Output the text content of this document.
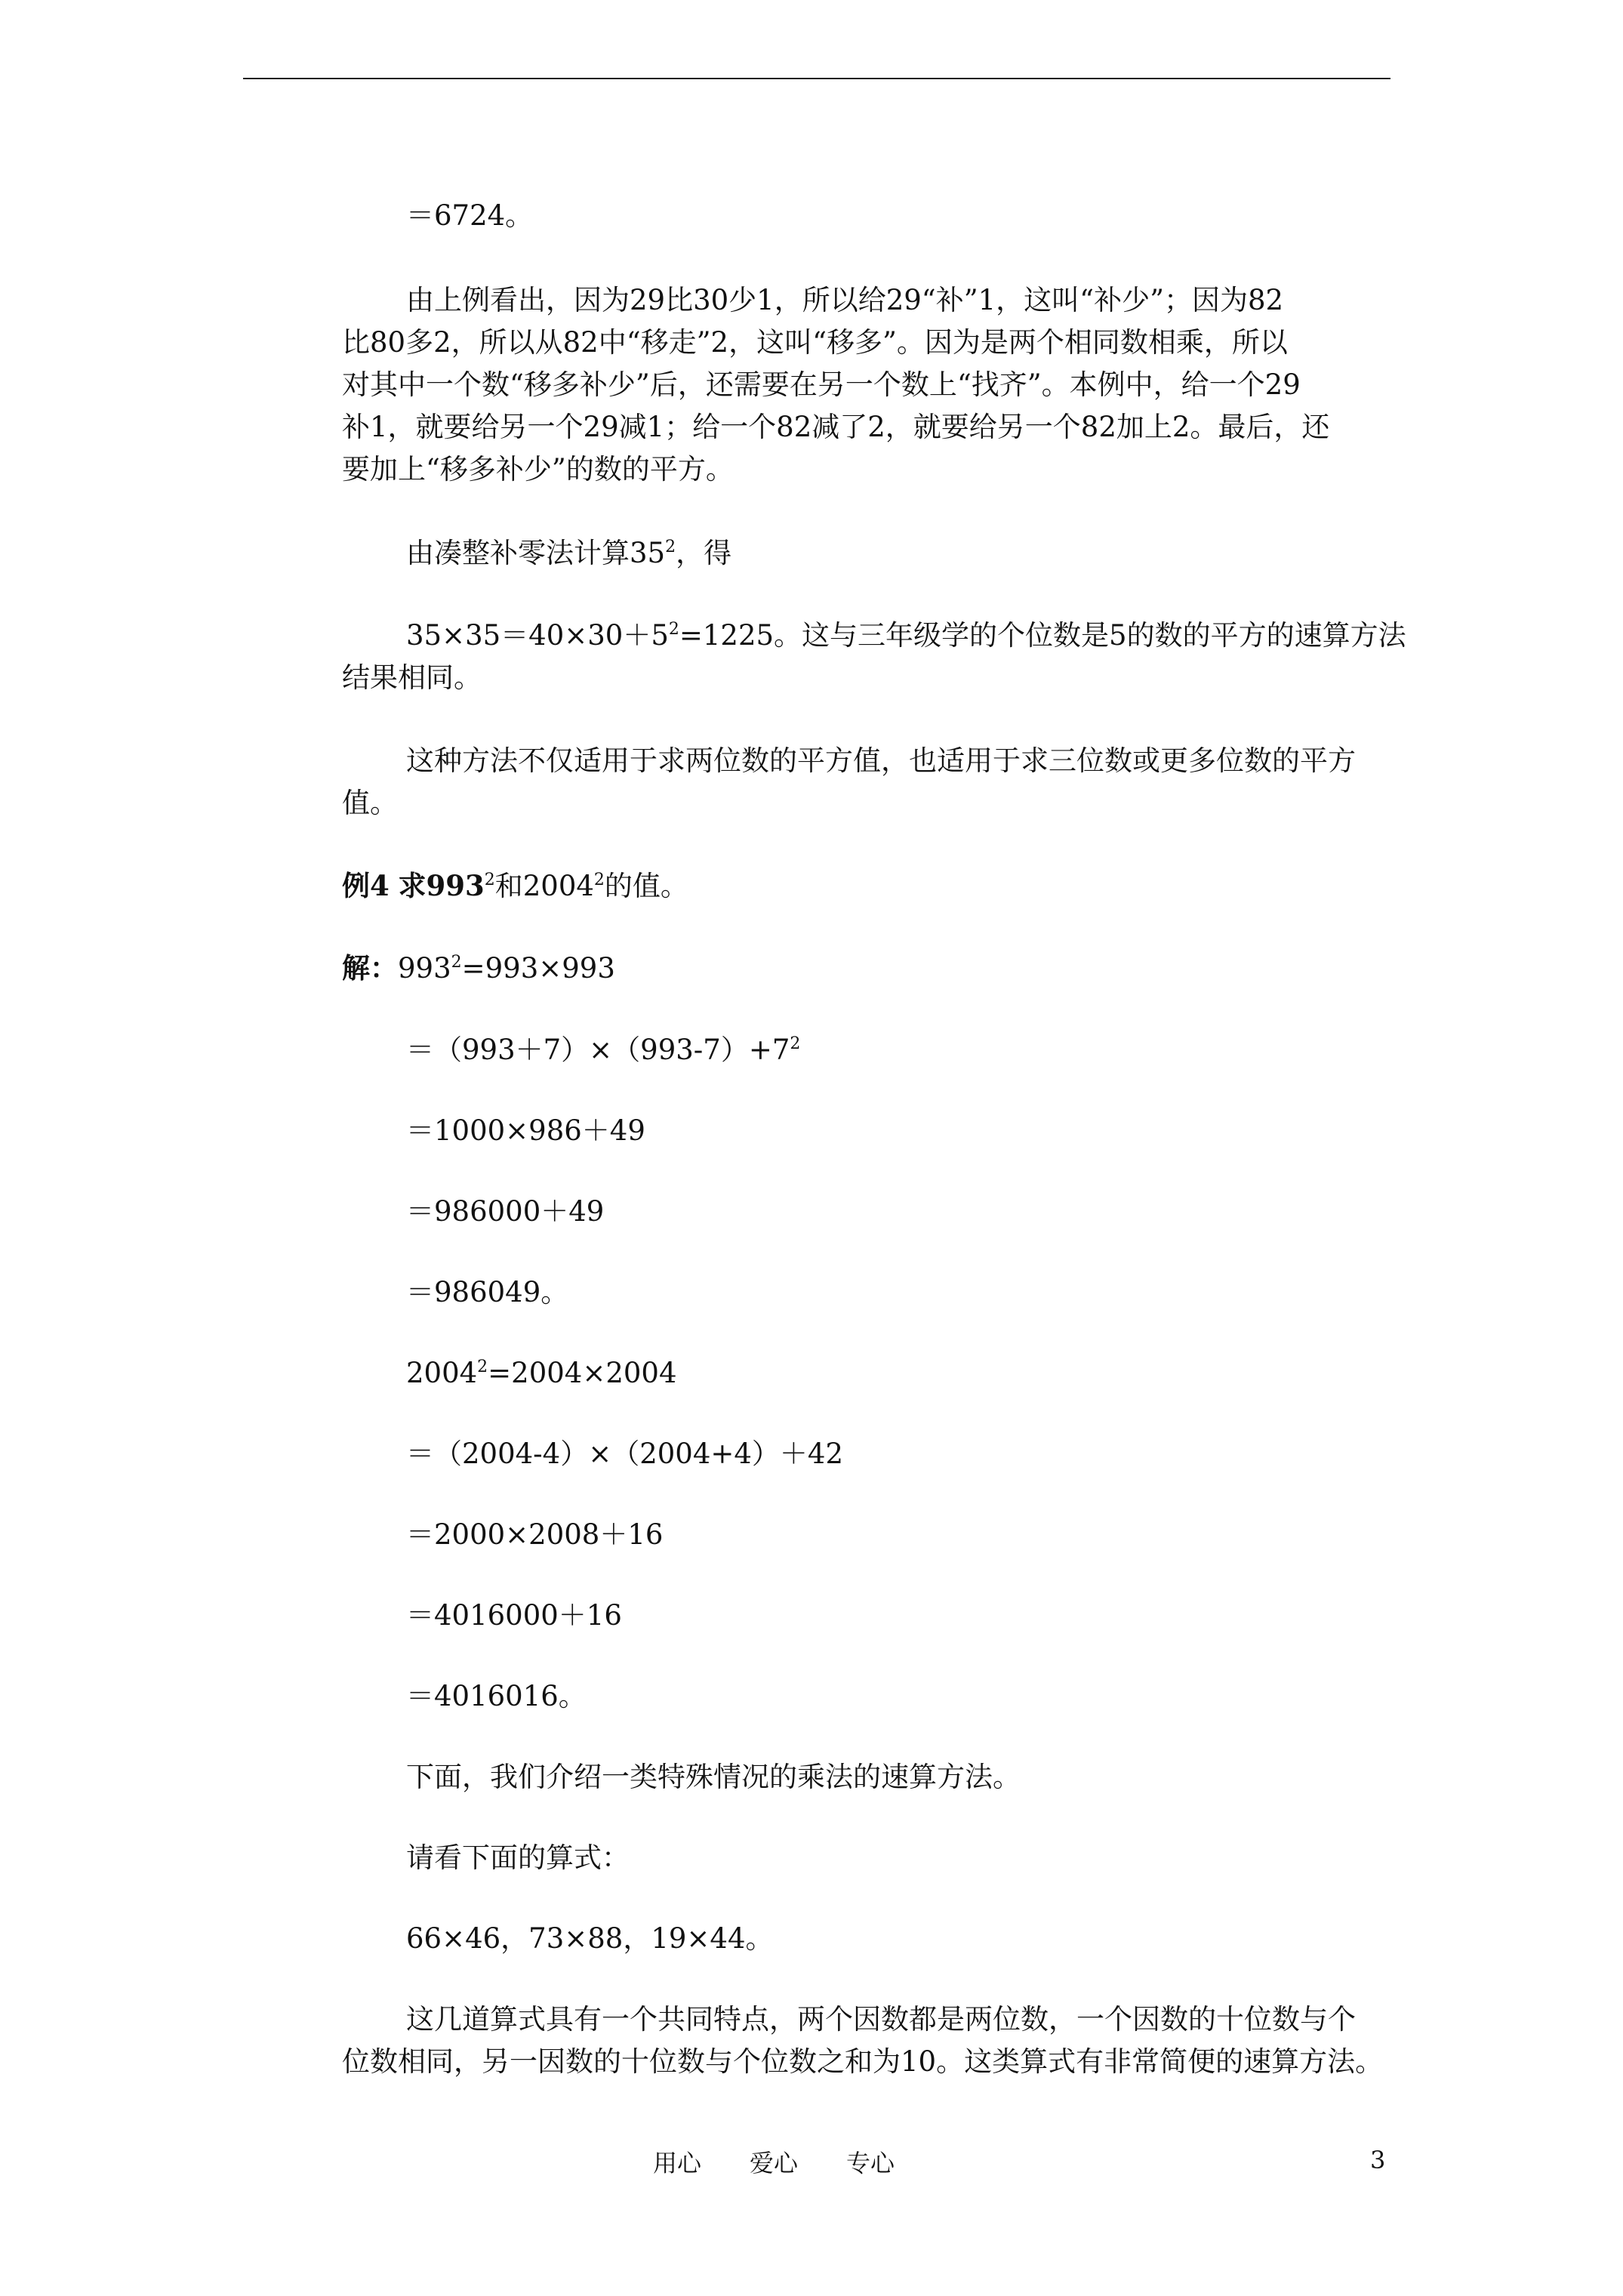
＝6724。
由上例看出，因为29比30少1，所以给29“补”1，这叫“补少”；因为82
比80多2，所以从82中“移走”2，这叫“移多”。因为是两个相同数相乘，所以
对其中一个数“移多补少”后，还需要在另一个数上“找齐”。本例中，给一个29
补1，就要给另一个29减1；给一个82减了2，就要给另一个82加上2。最后，还
要加上“移多补少”的数的平方。
由凑整补零法计算$35^2$，得
$35\times 35=40\times 30+5^2=1225$。这与三年级学的个位数是5的数的平方的速算方法
结果相同。
这种方法不仅适用于求两位数的平方值，也适用于求三位数或更多位数的平方
值。
例4 求$993^2$和2004$^2$的值。
解：$993^2=993\times 993$
$=(993+7)\times(993-7)+7^2$
＝1000×986＋49
＝986000＋49
＝986049。
$2004^2=2004\times 2004$
＝（2004-4）×（2004+4）＋42
＝2000×2008＋16
＝4016000＋16
＝4016016。
下面，我们介绍一类特殊情况的乘法的速算方法。
请看下面的算式：
66×46，73×88，19×44。
这几道算式具有一个共同特点，两个因数都是两位数，一个因数的十位数与个
位数相同，另一因数的十位数与个位数之和为10。这类算式有非常简便的速算方法。
用心 爱心 专心	3
